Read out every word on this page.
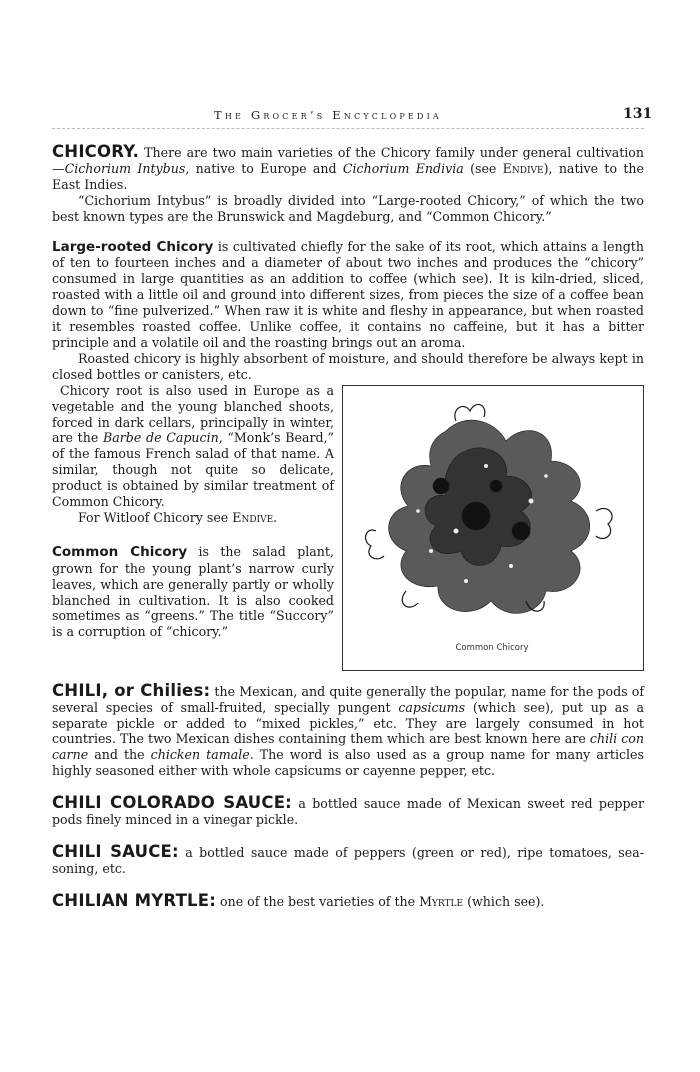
The Grocer’s Encyclopedia	131

CHICORY. There are two main varieties of the Chicory family under general cultivation—Cichorium Intybus, native to Europe and Cichorium Endivia (see Endive), native to the East Indies.

“Cichorium Intybus” is broadly divided into “Large-rooted Chicory,” of which the two best known types are the Brunswick and Magdeburg, and “Common Chicory.”

Large-rooted Chicory is cultivated chiefly for the sake of its root, which attains a length of ten to fourteen inches and a diameter of about two inches and produces the “chicory” consumed in large quantities as an addition to coffee (which see). It is kiln-dried, sliced, roasted with a little oil and ground into different sizes, from pieces the size of a coffee bean down to “fine pulverized.” When raw it is white and fleshy in appearance, but when roasted it resembles roasted coffee. Unlike coffee, it contains no caffeine, but it has a bitter principle and a volatile oil and the roasting brings out an aroma.

Roasted chicory is highly absorbent of moisture, and should therefore be always kept in closed bottles or canisters, etc.

Common Chicory

Chicory root is also used in Europe as a vegetable and the young blanched shoots, forced in dark cellars, principally in winter, are the Barbe de Capucin, “Monk’s Beard,” of the famous French salad of that name. A similar, though not quite so delicate, product is obtained by similar treatment of Common Chicory.

For Witloof Chicory see Endive.

Common Chicory is the salad plant, grown for the young plant’s narrow curly leaves, which are generally partly or wholly blanched in cultivation. It is also cooked sometimes as “greens.” The title “Succory” is a corruption of “chicory.”

CHILI, or Chilies: the Mexican, and quite generally the popular, name for the pods of several species of small-fruited, specially pungent capsicums (which see), put up as a separate pickle or added to “mixed pickles,” etc. They are largely consumed in hot countries. The two Mexican dishes containing them which are best known here are chili con carne and the chicken tamale. The word is also used as a group name for many articles highly seasoned either with whole capsicums or cayenne pepper, etc.

CHILI COLORADO SAUCE: a bottled sauce made of Mexican sweet red pepper pods finely minced in a vinegar pickle.

CHILI SAUCE: a bottled sauce made of peppers (green or red), ripe tomatoes, seasoning, etc.

CHILIAN MYRTLE: one of the best varieties of the Myrtle (which see).
